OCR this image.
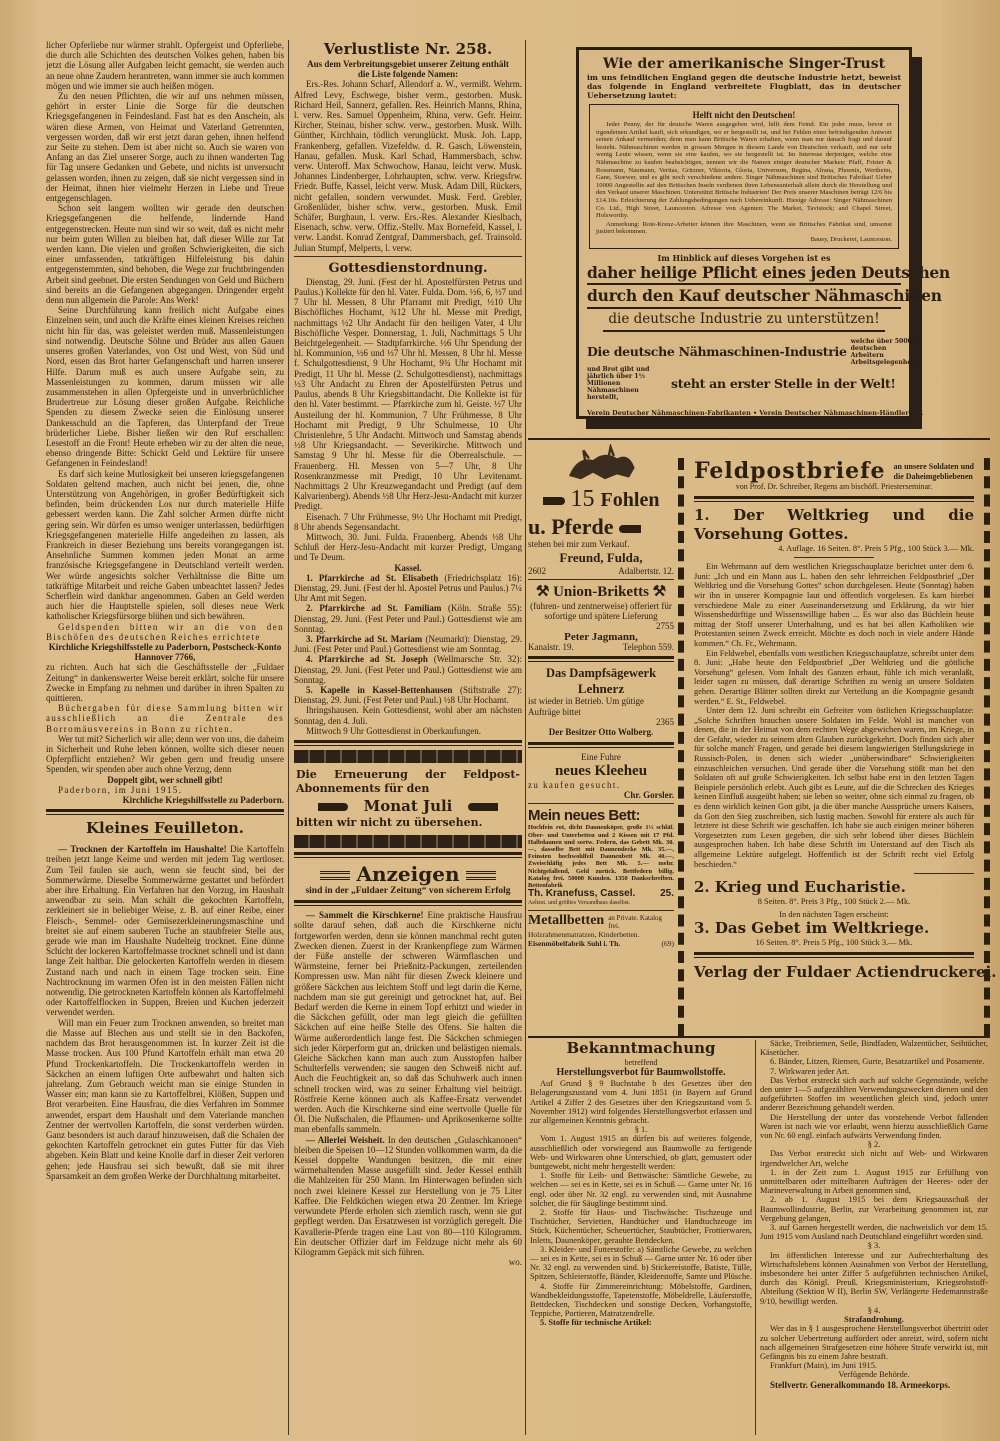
licher Opferliebe nur wärmer strahlt. Opfergeist und Opferliebe, die durch alle Schichten des deutschen Volkes gehen, haben bis jetzt die Lösung aller Aufgaben leicht gemacht, sie werden auch an neue ohne Zaudern herantreten, wann immer sie auch kommen mögen und wie immer sie auch heißen mögen.

Zu den neuen Pflichten, die wir auf uns nehmen müssen, gehört in erster Linie die Sorge für die deutschen Kriegsgefangenen in Feindesland. Fast hat es den Anschein, als wären diese Armen, von Heimat und Vaterland Getrennten, vergessen worden, daß wir erst jetzt daran gehen, ihnen helfend zur Seite zu stehen. Dem ist aber nicht so. Auch sie waren von Anfang an das Ziel unserer Sorge, auch zu ihnen wanderten Tag für Tag unsere Gedanken und Gebete, und nichts ist unversucht gelassen worden, ihnen zu zeigen, daß sie nicht vergessen sind in der Heimat, ihnen hier vielmehr Herzen in Liebe und Treue entgegenschlagen.

Schon seit langem wollten wir gerade den deutschen Kriegsgefangenen die helfende, lindernde Hand entgegenstrecken. Heute nun sind wir so weit, daß es nicht mehr nur beim guten Willen zu bleiben hat, daß dieser Wille zur Tat werden kann. Die vielen und großen Schwierigkeiten, die sich einer umfassenden, tatkräftigen Hilfeleistung bis dahin entgegenstemmten, sind behoben, die Wege zur fruchtbringenden Arbeit sind geebnet. Die ersten Sendungen von Geld und Büchern sind bereits an die Gefangenen abgegangen. Dringender ergeht denn nun allgemein die Parole: Ans Werk!

Seine Durchführung kann freilich nicht Aufgabe eines Einzelnen sein, und auch die Kräfte eines kleinen Kreises reichen nicht hin für das, was geleistet werden muß. Massenleistungen sind notwendig. Deutsche Söhne und Brüder aus allen Gauen unseres großen Vaterlandes, von Ost und West, von Süd und Nord, essen das Brot harter Gefangenschaft und harren unserer Hilfe. Darum muß es auch unsere Aufgabe sein, zu Massenleistungen zu kommen, darum müssen wir alle zusammenstehen in allen Opfergeiste und in unverbrüchlicher Brudertreue zur Lösung dieser großen Aufgabe. Reichliche Spenden zu diesem Zwecke seien die Einlösung unserer Dankesschuld an die Tapferen, das Unterpfand der Treue brüderlicher Liebe. Bisher ließen wir den Ruf erschallen: Lesestoff an die Front! Heute erheben wir zu der alten die neue, ebenso dringende Bitte: Schickt Geld und Lektüre für unsere Gefangenen in Feindesland!

Es darf sich keine Mutlosigkeit bei unseren kriegsgefangenen Soldaten geltend machen, auch nicht bei jenen, die, ohne Unterstützung von Angehörigen, in großer Bedürftigkeit sich befinden, beim drückenden Los nur durch materielle Hilfe gebessert werden kann. Die Zahl solcher Armen dürfte nicht gering sein. Wir dürfen es umso weniger unterlassen, bedürftigen Kriegsgefangenen materielle Hilfe angedeihen zu lassen, als Frankreich in dieser Beziehung uns bereits vorangegangen ist. Ansehnliche Summen kommen jeden Monat an arme französische Kriegsgefangene in Deutschland verteilt werden. Wer würde angesichts solcher Verhältnisse die Bitte um tatkräftige Mitarbeit und reiche Gaben unbeachtet lassen? Jedes Scherflein wird dankbar angenommen. Gaben an Geld werden auch hier die Hauptstelle spielen, soll dieses neue Werk katholischer Kriegsfürsorge blühen und sich bewähren.

Geldspenden bitten wir an die von den Bischöfen des deutschen Reiches errichtete

Kirchliche Kriegshilfsstelle zu Paderborn, Postscheck-Konto Hannover 7766,

zu richten. Auch hat sich die Geschäftsstelle der „Fuldaer Zeitung“ in dankenswerter Weise bereit erklärt, solche für unsere Zwecke in Empfang zu nehmen und darüber in ihren Spalten zu quittieren.

Büchergaben für diese Sammlung bitten wir ausschließlich an die Zentrale des Borromäusvereins in Bonn zu richten.

Wer tut mit? Sicherlich wir alle; denn wer von uns, die daheim in Sicherheit und Ruhe leben können, wollte sich dieser neuen Opferpflicht entziehen? Wir geben gern und freudig unsere Spenden, wir spenden aber auch ohne Verzug, denn

Doppelt gibt, wer schnell gibt!

Paderborn, im Juni 1915.

Kirchliche Kriegshilfsstelle zu Paderborn.

Kleines Feuilleton.

— Trocknen der Kartoffeln im Haushalte! Die Kartoffeln treiben jetzt lange Keime und werden mit jedem Tag wertloser. Zum Teil faulen sie auch, wenn sie feucht sind, bei der Sommerwärme. Dieselbe Sommerwärme gestattet und befördert aber ihre Erhaltung. Ein Verfahren hat den Vorzug, im Haushalt anwendbar zu sein. Man schält die gekochten Kartoffeln, zerkleinert sie in beliebiger Weise, z. B. auf einer Reibe, einer Fleisch-, Semmel- oder Gemüsezerkleinerungsmaschine und breitet sie auf einem sauberen Tuche an staubfreier Stelle aus, gerade wie man im Haushalte Nudelteig trocknet. Eine dünne Schicht der lockeren Kartoffelmasse trocknet schnell und ist dann lange Zeit haltbar. Die gelockerten Kartoffeln werden in diesem Zustand nach und nach in einem Tage trocken sein. Eine Nachtrocknung im warmen Ofen ist in den meisten Fällen nicht notwendig. Die getrockneten Kartoffeln können als Kartoffelmehl oder Kartoffelflocken in Suppen, Breien und Kuchen jederzeit verwendet werden.

Will man ein Feuer zum Trocknen anwenden, so breitet man die Masse auf Blechen aus und stellt sie in den Backofen, nachdem das Brot herausgenommen ist. In kurzer Zeit ist die Masse trocken. Aus 100 Pfund Kartoffeln erhält man etwa 20 Pfund Trockenkartoffeln. Die Trockenkartoffeln werden in Säckchen an einem luftigen Orte aufbewahrt und halten sich jahrelang. Zum Gebrauch weicht man sie einige Stunden in Wasser ein; man kann sie zu Kartoffelbrei, Klößen, Suppen und Brot verarbeiten. Eine Hausfrau, die dies Verfahren im Sommer anwendet, erspart dem Haushalt und dem Vaterlande manchen Zentner der wertvollen Kartoffeln, die sonst verderben würden. Ganz besonders ist auch darauf hinzuweisen, daß die Schalen der gekochten Kartoffeln getrocknet ein gutes Futter für das Vieh abgeben. Kein Blatt und keine Knolle darf in dieser Zeit verloren gehen; jede Hausfrau sei sich bewußt, daß sie mit ihrer Sparsamkeit an dem großen Werke der Durchhaltung mitarbeitet.

Verlustliste Nr. 258.

Aus dem Verbreitungsgebiet unserer Zeitung enthält die Liste folgende Namen:

Ers.-Res. Johann Scharf, Allendorf a. W., vermißt. Wehrm. Alfred Levy, Eschwege, bisher verm., gestorben. Musk. Richard Heil, Sannerz, gefallen. Res. Heinrich Manns, Rhina, l. verw. Res. Samuel Oppenheim, Rhina, verw. Gefr. Heinr. Kircher, Steinau, bisher schw. verw., gestorben. Musk. Wilh. Günther, Kirchhain, tödlich verunglückt. Musk. Joh. Lapp, Frankenberg, gefallen. Vizefeldw. d. R. Gasch, Löwenstein, Hanau, gefallen. Musk. Karl Schad, Hammersbach, schw. verw. Unteroff. Max Schwochow, Hanau, leicht verw. Musk. Johannes Lindenberger, Lohrhaupten, schw. verw. Kriegsfrw. Friedr. Buffe, Kassel, leicht verw. Musk. Adam Dill, Rückers, nicht gefallen, sondern verwundet. Musk. Ferd. Grebler, Großenlüder, bisher schw. verw., gestorben. Musk. Emil Schäfer, Burghaun, l. verw. Ers.-Res. Alexander Kieslbach, Eisenach, schw. verw. Offiz.-Stellv. Max Bornefeld, Kassel, l. verw. Landst. Konrad Zentgraf, Dammersbach, gef. Trainsold. Julian Stumpf, Melperts, l. verw.

Gottesdienstordnung.

Dienstag, 29. Juni. (Fest der hl. Apostelfürsten Petrus und Paulus.) Kollekte für den hl. Vater. Fulda. Dom. ½6, 6, ½7 und 7 Uhr hl. Messen, 8 Uhr Pfarramt mit Predigt, ½10 Uhr Bischöfliches Hochamt, ¾12 Uhr hl. Messe mit Predigt, nachmittags ½2 Uhr Andacht für den heiligen Vater, 4 Uhr Bischöfliche Vesper. Donnerstag, 1. Juli, Nachmittags 5 Uhr Beichtgelegenheit. — Stadtpfarrkirche. ½6 Uhr Spendung der hl. Kommunion, ½6 und ½7 Uhr hl. Messen, 8 Uhr hl. Messe f. Schulgottesdienst, 9 Uhr Hochamt, 9¾ Uhr Hochamt mit Predigt, 11 Uhr hl. Messe (2. Schulgottesdienst), nachmittags ½3 Uhr Andacht zu Ehren der Apostelfürsten Petrus und Paulus, abends 8 Uhr Kriegsbittandacht. Die Kollekte ist für den hl. Vater bestimmt. — Pfarrkirche zum hl. Geiste. ½7 Uhr Austeilung der hl. Kommunion, 7 Uhr Frühmesse, 8 Uhr Hochamt mit Predigt, 9 Uhr Schulmesse, 10 Uhr Christenlehre, 5 Uhr Andacht. Mittwoch und Samstag abends ½8 Uhr Kriegsandacht. — Severikirche. Mittwoch und Samstag 9 Uhr hl. Messe für die Oberrealschule. — Frauenberg. Hl. Messen von 5—7 Uhr, 8 Uhr Rosenkranzmesse mit Predigt, 10 Uhr Levitenamt. Nachmittags 2 Uhr Kreuzwegandacht und Predigt (auf dem Kalvarienberg). Abends ½8 Uhr Herz-Jesu-Andacht mit kurzer Predigt.

Eisenach. 7 Uhr Frühmesse, 9½ Uhr Hochamt mit Predigt, 8 Uhr abends Segensandacht.

Mittwoch, 30. Juni. Fulda. Frauenberg. Abends ½8 Uhr Schluß der Herz-Jesu-Andacht mit kurzer Predigt, Umgang und Te Deum.

Kassel.

1. Pfarrkirche ad St. Elisabeth (Friedrichsplatz 16): Dienstag, 29. Juni. (Fest der hl. Apostel Petrus und Paulus.) 7¼ Uhr Amt mit Segen.

2. Pfarrkirche ad St. Familiam (Köln. Straße 55): Dienstag, 29. Juni. (Fest Peter und Paul.) Gottesdienst wie am Sonntag.

3. Pfarrkirche ad St. Mariam (Neumarkt): Dienstag, 29. Juni. (Fest Peter und Paul.) Gottesdienst wie am Sonntag.

4. Pfarrkirche ad St. Joseph (Wellmarsche Str. 32): Dienstag, 29. Juni. (Fest Peter und Paul.) Gottesdienst wie am Sonntag.

5. Kapelle in Kassel-Bettenhausen (Stiftstraße 27): Dienstag, 29. Juni. (Fest Peter und Paul.) ½8 Uhr Hochamt.

Ihringshausen. Kein Gottesdienst, wohl aber am nächsten Sonntag, den 4. Juli.

Mittwoch 9 Uhr Gottesdienst in Oberkaufungen.

Die Erneuerung der Feldpost-Abonnements für den
Monat Juli
bitten wir nicht zu übersehen.
Anzeigen
sind in der „Fuldaer Zeitung“ von sicherem Erfolg

— Sammelt die Kirschkerne! Eine praktische Hausfrau sollte darauf sehen, daß auch die Kirschkerne nicht fortgeworfen werden, denn sie können manchmal recht guten Zwecken dienen. Zuerst in der Krankenpflege zum Wärmen der Füße anstelle der schweren Wärmflaschen und Wärmsteine, ferner bei Prießnitz-Packungen, zerteilenden Kompressen usw. Man näht für diesen Zweck kleinere und größere Säckchen aus leichtem Stoff und legt darin die Kerne, nachdem man sie gut gereinigt und getrocknet hat, auf. Bei Bedarf werden die Kerne in einem Topf erhitzt und wieder in die Säckchen gefüllt, oder man legt gleich die gefüllten Säckchen auf eine heiße Stelle des Ofens. Sie halten die Wärme außerordentlich lange fest. Die Säckchen schmiegen sich jeder Körperform gut an, drücken und belästigen niemals. Gleiche Säckchen kann man auch zum Ausstopfen halber Schulterfells verwenden; sie saugen den Schweiß nicht auf. Auch die Feuchtigkeit an, so daß das Schuhwerk auch innen schnell trocken wird, was zu seiner Erhaltung viel beiträgt. Röstfreie Kerne können auch als Kaffee-Ersatz verwendet werden. Auch die Kirschkerne sind eine wertvolle Quelle für Öl. Die Nußschalen, die Pflaumen- und Aprikosenkerne sollte man ebenfalls sammeln.

— Allerlei Weisheit. In den deutschen „Gulaschkanonen“ bleiben die Speisen 10—12 Stunden vollkommen warm, da die Kessel doppelte Wandungen besitzen, die mit einer wärmehaltenden Masse ausgefüllt sind. Jeder Kessel enthält die Mahlzeiten für 250 Mann. Im Hinterwagen befinden sich noch zwei kleinere Kessel zur Herstellung von je 75 Liter Kaffee. Die Feldküchen wiegen etwa 20 Zentner. Im Kriege verwundete Pferde erholen sich ziemlich rasch, wenn sie gut gepflegt werden. Das Ersatzwesen ist vorzüglich geregelt. Die Kavallerie-Pferde tragen eine Last von 80—110 Kilogramm. Ein deutscher Offizier darf im Feldzuge nicht mehr als 60 Kilogramm Gepäck mit sich führen.

wo.

Wie der amerikanische Singer-Trust
im uns feindlichen England gegen die deutsche Industrie hetzt, beweist das folgende in England verbreitete Flugblatt, das in deutscher Uebersetzung lautet:
Helft nicht den Deutschen!
Jeder Penny, der für deutsche Waren ausgegeben wird, hilft dem Feind. Ein jeder muss, bevor er irgendeinen Artikel kauft, sich erkundigen, wo er hergestellt ist, und bei Fehlen einer befriedigenden Antwort seinen Ankauf vermeiden; denn man kann Britische Waren erhalten, wenn man nur danach fragt und darauf besteht. Nähmaschinen werden in grossen Mengen in diesem Lande von Deutschen verkauft, und nur sehr wenig Leute wissen, wenn sie eine kaufen, wo sie hergestellt ist. Im Interesse derjenigen, welche eine Nähmaschine zu kaufen beabsichtigen, nennen wir die Namen einiger deutscher Marken: Pfaff, Frister & Rossmann, Naumann, Veritas, Gritzner, Viktoria, Gloria, Universum, Regina, Afrana, Phoenix, Wertheim, Gane, Stoewer, und es gibt noch verschiedene andere. Singer Nähmaschinen sind Britisches Fabrikat! Ueber 10000 Angestellte auf den Britischen Inseln verdienen ihren Lebensunterhalt allein durch die Herstellung und den Verkauf unserer Maschinen. Unterstützt Britische Industrien! Der Preis unserer Maschinen beträgt 12/6 bis £14.10s. Erleichterung der Zahlungsbedingungen nach Uebereinkunft. Hiesige Adresse: Singer Nähmaschinen Co. Ltd., High Street, Launceston. Adresse von Agenten: The Market, Tavistock; and Chapel Street, Holsworthy.
Anmerkung: Rote-Kreuz-Arbeiter können ihre Maschinen, wenn sie Britisches Fabrikat sind, umsonst justiert bekommen.
Bauey, Druckerei, Launceston.
Im Hinblick auf dieses Vorgehen ist es
daher heilige Pflicht eines jeden Deutschen
durch den Kauf deutscher Nähmaschinen
die deutsche Industrie zu unterstützen!
Die deutsche Nähmaschinen-Industrie
welche über 50000 deutschen Arbeitern Arbeitsgelegenheit
und Brot gibt und jährlich über 1½ Millionen Nähmaschinen herstellt,
steht an erster Stelle in der Welt!
Verein Deutscher Nähmaschinen-Fabrikanten • Verein Deutscher Nähmaschinen-Händler e.V.
15 Fohlen
u. Pferde

stehen bei mir zum Verkauf.

Freund, Fulda,

2602	Adalbertstr. 12.

⚒ Union-Briketts ⚒

(fuhren- und zentnerweise) offeriert für sofortige und spätere Lieferung

2755

Peter Jagmann,

Kanalstr. 19.	Telephon 559.

Das Dampfsägewerk

Lehnerz

ist wieder in Betrieb. Um gütige Aufträge bittet

2365

Der Besitzer Otto Wolberg.

Eine Fuhre

neues Kleeheu

zu kaufen gesucht.

Chr. Gorsler.

Mein neues Bett:

Hochfein rot, dicht Daunenköper, große 1½ schläf. Ober- und Unterbetten und 2 Kissen mit 17 Pfd. Halbdaunen und sortw. Federn, das Gebett Mk. 30.—, dasselbe Bett mit Daunendecke Mk. 35.—, Feinsten hochwohlfeil Daunenbett Mk. 40.—, Zweischläfig jedes Bett Mk. 5.— mehr. Nichtgefallend, Geld zurück. Bettfedern billig. Katalog frei. 50000 Kunden. 1350 Dankschreiben. Bettenfabrik

Th. Kranefuss, Cassel. 25.

Aeltest. und größtes Versandhaus daselbst.

Metallbetten an Private. Katalog frei.

Holzrahmenmatratzen, Kinderbetten.

Eisenmöbelfabrik Suhl i. Th.	(69)

Feldpostbriefe an unsere Soldaten und die Daheimgebliebenen
von Prof. Dr. Schreiber, Regens am bischöfl. Priesterseminar.
1. Der Weltkrieg und die Vorsehung Gottes.
4. Auflage. 16 Seiten. 8°. Preis 5 Pfg., 100 Stück 3.— Mk.

Ein Wehrmann auf dem westlichen Kriegsschauplatze berichtet unter dem 6. Juni: „Ich und ein Mann aus L. haben den sehr lehrreichen Feldpostbrief „Der Weltkrieg und die Vorsehung Gottes“ schon durchgelesen. Heute (Sonntag) haben wir ihn in unserer Kompagnie laut und öffentlich vorgelesen. Es kam hierbei verschiedene Male zu einer Auseinandersetzung und Erklärung, da wir hier Wissensbedürftige und Wissenswillige haben ... Es war also das Büchlein heute mittag der Stoff unserer Unterhaltung, und es hat bei allen Katholiken wie Protestanten seinen Zweck erreicht. Möchte es doch noch in viele andere Hände kommen.“ Ch. Fr., Wehrmann.

Ein Feldwebel, ebenfalls vom westlichen Kriegsschauplatze, schreibt unter dem 8. Juni: „Habe heute den Feldpostbrief „Der Weltkrieg und die göttliche Vorsehung“ gelesen. Vom Inhalt des Ganzen erbaut, fühle ich mich veranlaßt, leider sagen zu müssen, daß derartige Schriften zu wenig an unsere Soldaten gehen. Derartige Blätter sollten direkt zur Verteilung an die Kompagnie gesandt werden.“ E. St., Feldwebel.

Unter dem 12. Juni schreibt ein Gefreiter vom östlichen Kriegsschauplatze: „Solche Schriften brauchen unsere Soldaten im Felde. Wohl ist mancher von denen, die in der Heimat von dem rechten Wege abgewichen waren, im Kriege, in der Gefahr, wieder zu seinem alten Glauben zurückgekehrt. Doch finden sich aber für solche manch' Fragen, und gerade bei diesem langwierigen Stellungskriege in Russisch-Polen, in denen sich wieder „unüberwindbare“ Schwierigkeiten einzuschleichen versuchen. Und gerade über die Vorsehung stößt man bei den Soldaten oft auf große Schwierigkeiten. Ich selbst habe erst in den letzten Tagen Beispiele persönlich erlebt. Auch gibt es Leute, auf die die Schrecken des Krieges keinen Einfluß ausgeübt haben; sie leben so weiter, ohne sich einmal zu fragen, ob es denn wirklich keinen Gott gibt, ja die über manche Aussprüche unsers Kaisers, da Gott den Sieg zuschreiben, sich lustig machen. Sowohl für erstere als auch für letztere ist diese Schrift wie geschaffen. Ich habe sie auch einigen meiner höheren Vorgesetzten zum Lesen gegeben, die sich sehr lobend über dieses Büchlein ausgesprochen haben. Ich habe diese Schrift im Unterstand auf den Tisch als allgemeine Lektüre aufgelegt. Hoffentlich ist der Schrift recht viel Erfolg beschieden.“

2. Krieg und Eucharistie.
8 Seiten. 8°. Preis 3 Pfg., 100 Stück 2.— Mk.
In den nächsten Tagen erscheint:
3. Das Gebet im Weltkriege.
16 Seiten. 8°. Preis 5 Pfg., 100 Stück 3.— Mk.
Verlag der Fuldaer Actiendruckerei.

Bekanntmachung

betreffend

Herstellungsverbot für Baumwollstoffe.

Auf Grund § 9 Buchstabe b des Gesetzes über den Belagerungszustand vom 4. Juni 1851 (in Bayern auf Grund Artikel 4 Ziffer 2 des Gesetzes über den Kriegszustand vom 5. November 1912) wird folgendes Herstellungsverbot erlassen und zur allgemeinen Kenntnis gebracht.

§ 1.

Vom 1. August 1915 an dürfen bis auf weiteres folgende, ausschließlich oder vorwiegend aus Baumwolle zu fertigende Web- und Wirkwaren ohne Unterschied, ob glatt, gemustert oder buntgewebt, nicht mehr hergestellt werden:

1. Stoffe für Leib- und Bettwäsche: Sämtliche Gewebe, zu welchen — sei es in Kette, sei es in Schuß — Garne unter Nr. 16 engl. oder über Nr. 32 engl. zu verwenden sind, mit Ausnahme solcher, die für Säuglinge bestimmt sind.

2. Stoffe für Haus- und Tischwäsche: Tischzeuge und Tischtücher, Servietten, Handtücher und Handtuchzeuge im Stück, Küchentücher, Scheuertücher, Staubtücher, Frottierwaren, Inletts, Daunenköper, gerauhte Bettdecken.

3. Kleider- und Futterstoffe: a) Sämtliche Gewebe, zu welchen — sei es in Kette, sei es in Schuß — Garne unter Nr. 16 oder über Nr. 32 engl. zu verwenden sind. b) Stickereistoffe, Batiste, Tülle, Spitzen, Schleierstoffe, Bänder, Kleiderstoffe, Samte und Plüsche.

4. Stoffe für Zimmereinrichtung: Möbelstoffe, Gardinen, Wandbekleidungsstoffe, Tapetenstoffe, Möbeldrelle, Läuferstoffe, Bettdecken, Tischdecken und sonstige Decken, Vorhangstoffe, Teppiche, Portieren, Matratzendrelle.

5. Stoffe für technische Artikel:

Säcke, Treibriemen, Seile, Bindfaden, Walzentücher, Seihtücher, Käsetücher.

6. Bänder, Litzen, Riemen, Gurte, Besatzartikel und Posamente.

7. Wirkwaren jeder Art.

Das Verbot erstreckt sich auch auf solche Gegenstände, welche den unter 1—5 aufgezählten Verwendungszwecken dienen und den aufgeführten Stoffen im wesentlichen gleich sind, jedoch unter anderer Bezeichnung gehandelt werden.

Die Herstellung der unter das vorstehende Verbot fallenden Waren ist nach wie vor erlaubt, wenn hierzu ausschließlich Garne von Nr. 60 engl. einfach aufwärts Verwendung finden.

§ 2.

Das Verbot erstreckt sich nicht auf Web- und Wirkwaren irgendwelcher Art, welche

1. in der Zeit zum 1. August 1915 zur Erfüllung von unmittelbaren oder mittelbaren Aufträgen der Heeres- oder der Marineverwaltung in Arbeit genommen sind,

2. ab 1. August 1915 bei dem Kriegsausschuß der Baumwollindustrie, Berlin, zur Verarbeitung genommen ist, zur Vergebung gelangen,

3. auf Garnen hergestellt werden, die nachweislich vor dem 15. Juni 1915 vom Ausland nach Deutschland eingeführt worden sind.

§ 3.

Im öffentlichen Interesse und zur Aufrechterhaltung des Wirtschaftslebens können Ausnahmen von Verbot der Herstellung, insbesondere bei unter Ziffer 5 aufgeführten technischen Artikel, durch das Königl. Preuß. Kriegsministerium, Kriegsrohstoff-Abteilung (Sektion W II), Berlin SW, Verlängerte Hedemannstraße 9/10, bewilligt werden.

§ 4.

Strafandrohung.

Wer das in § 1 ausgesprochene Herstellungsverbot übertritt oder zu solcher Uebertretung auffordert oder anreizt, wird, sofern nicht nach allgemeinen Strafgesetzen eine höhere Strafe verwirkt ist, mit Gefängnis bis zu einem Jahre bestraft.

Frankfurt (Main), im Juni 1915.

Verfügende Behörde.

Stellvertr. Generalkommando 18. Armeekorps.
